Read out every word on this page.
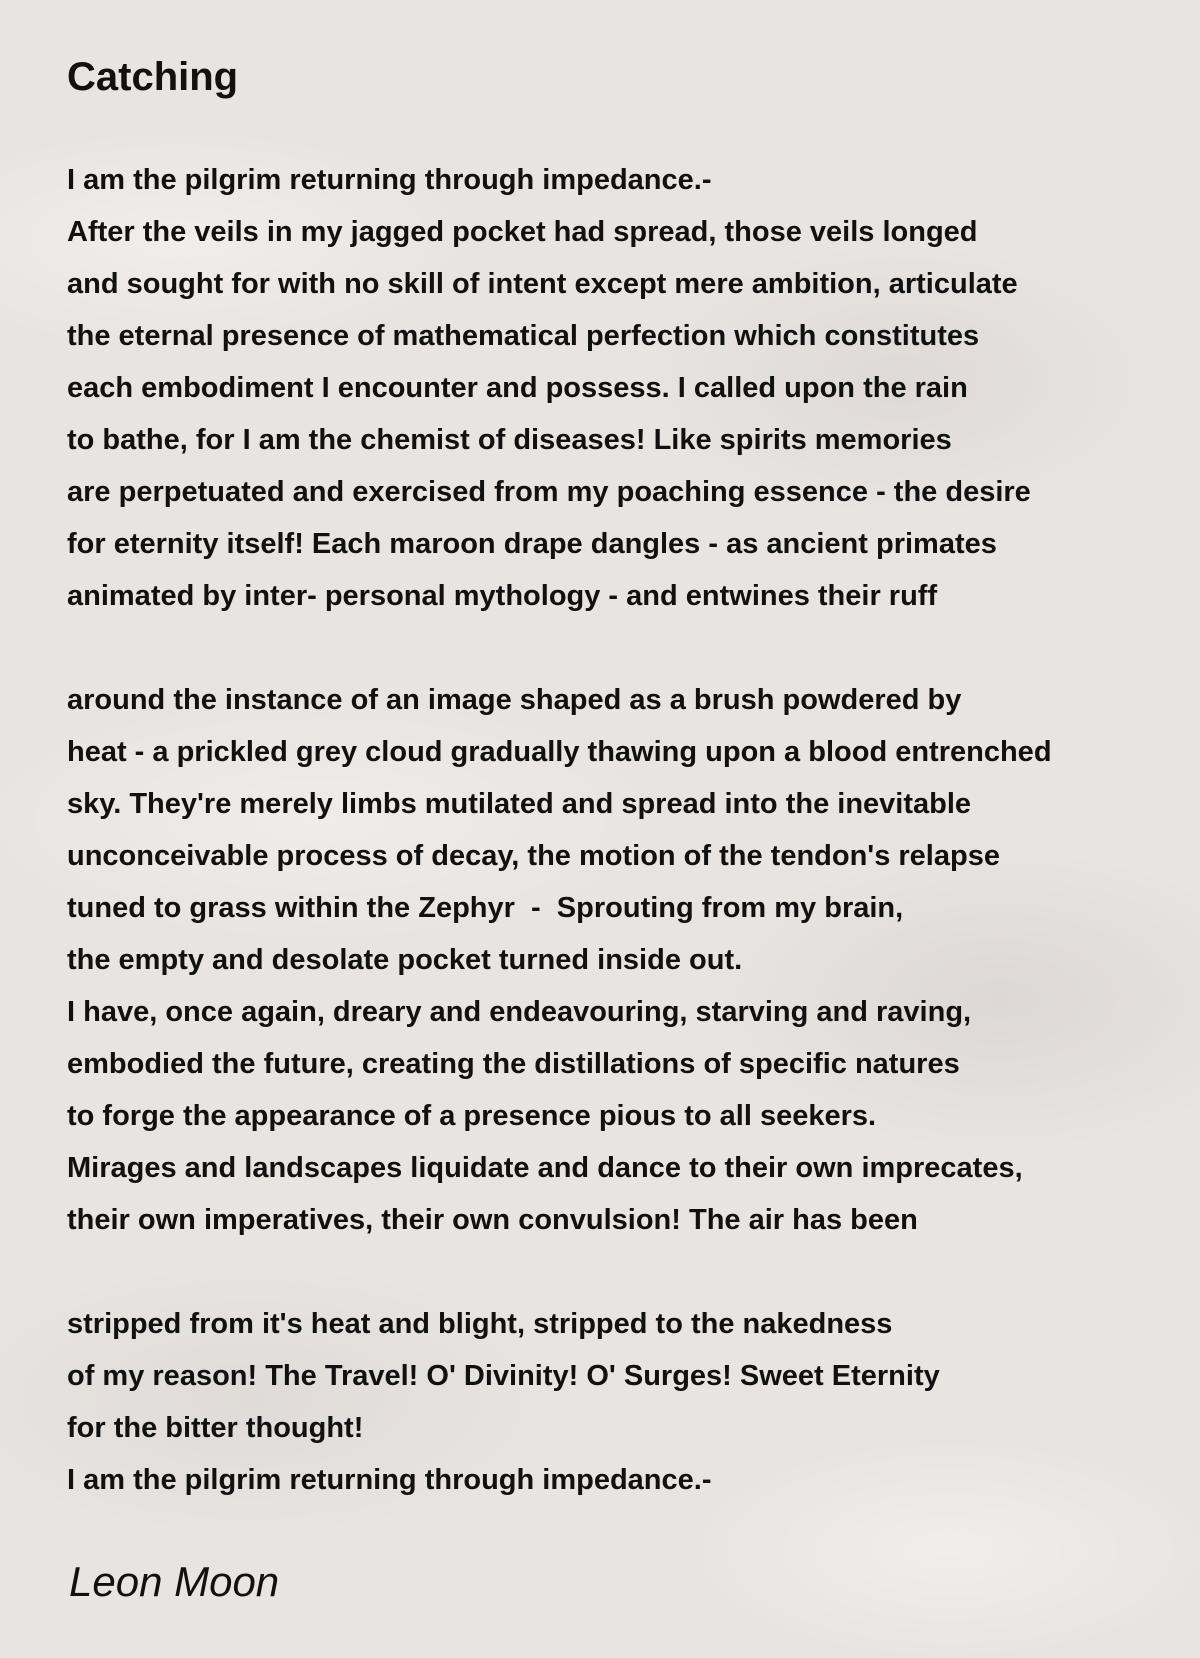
Catching
I am the pilgrim returning through impedance.-
After the veils in my jagged pocket had spread, those veils longed
and sought for with no skill of intent except mere ambition, articulate
the eternal presence of mathematical perfection which constitutes
each embodiment I encounter and possess. I called upon the rain
to bathe, for I am the chemist of diseases! Like spirits memories
are perpetuated and exercised from my poaching essence - the desire
for eternity itself! Each maroon drape dangles - as ancient primates
animated by inter- personal mythology - and entwines their ruff
around the instance of an image shaped as a brush powdered by
heat - a prickled grey cloud gradually thawing upon a blood entrenched
sky. They're merely limbs mutilated and spread into the inevitable
unconceivable process of decay, the motion of the tendon's relapse
tuned to grass within the Zephyr  -  Sprouting from my brain,
the empty and desolate pocket turned inside out.
I have, once again, dreary and endeavouring, starving and raving,
embodied the future, creating the distillations of specific natures
to forge the appearance of a presence pious to all seekers.
Mirages and landscapes liquidate and dance to their own imprecates,
their own imperatives, their own convulsion! The air has been
stripped from it's heat and blight, stripped to the nakedness
of my reason! The Travel! O' Divinity! O' Surges! Sweet Eternity
for the bitter thought!
I am the pilgrim returning through impedance.-
Leon Moon
